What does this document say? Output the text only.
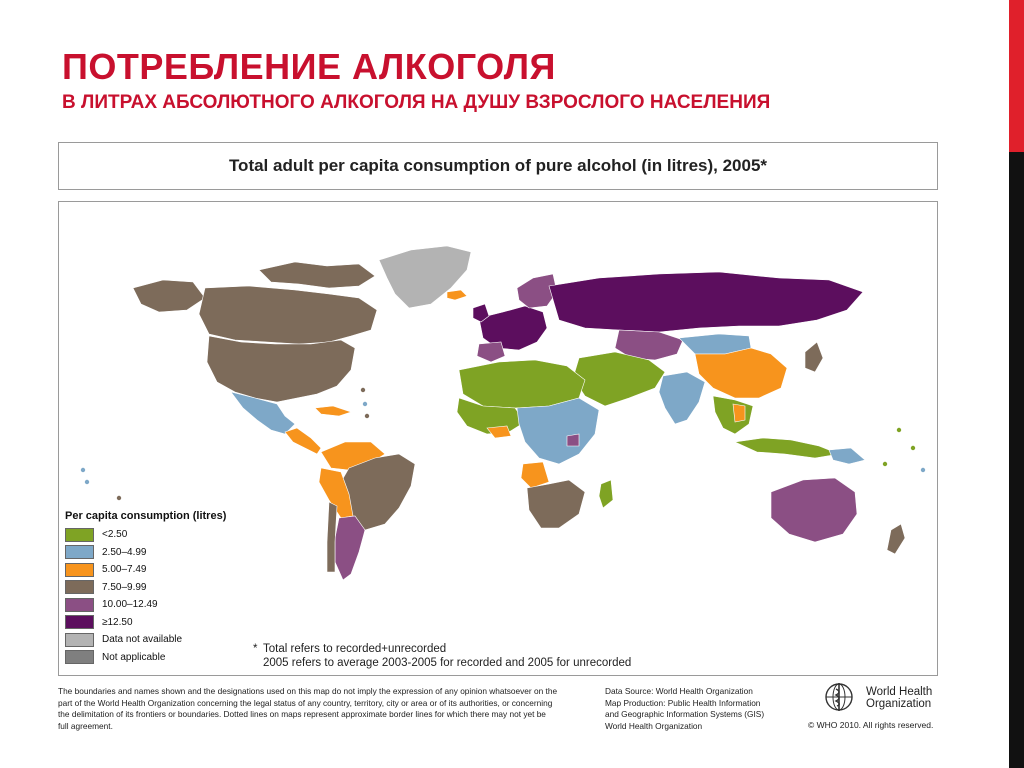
ПОТРЕБЛЕНИЕ АЛКОГОЛЯ
В ЛИТРАХ АБСОЛЮТНОГО АЛКОГОЛЯ НА ДУШУ ВЗРОСЛОГО НАСЕЛЕНИЯ
Total adult per capita consumption of pure alcohol (in litres), 2005*
Per capita consumption (litres)
<2.50
2.50–4.99
5.00–7.49
7.50–9.99
10.00–12.49
≥12.50
Data not available
Not applicable
* Total refers to recorded+unrecorded
2005 refers to average 2003-2005 for recorded and 2005 for unrecorded
The boundaries and names shown and the designations used on this map do not imply the expression of any opinion whatsoever on the part of the World Health Organization concerning the legal status of any country, territory, city or area or of its authorities, or concerning the delimitation of its frontiers or boundaries. Dotted lines on maps represent approximate border lines for which there may not yet be full agreement.
Data Source: World Health Organization
Map Production: Public Health Information
and Geographic Information Systems (GIS)
World Health Organization
World Health
Organization
© WHO 2010. All rights reserved.
